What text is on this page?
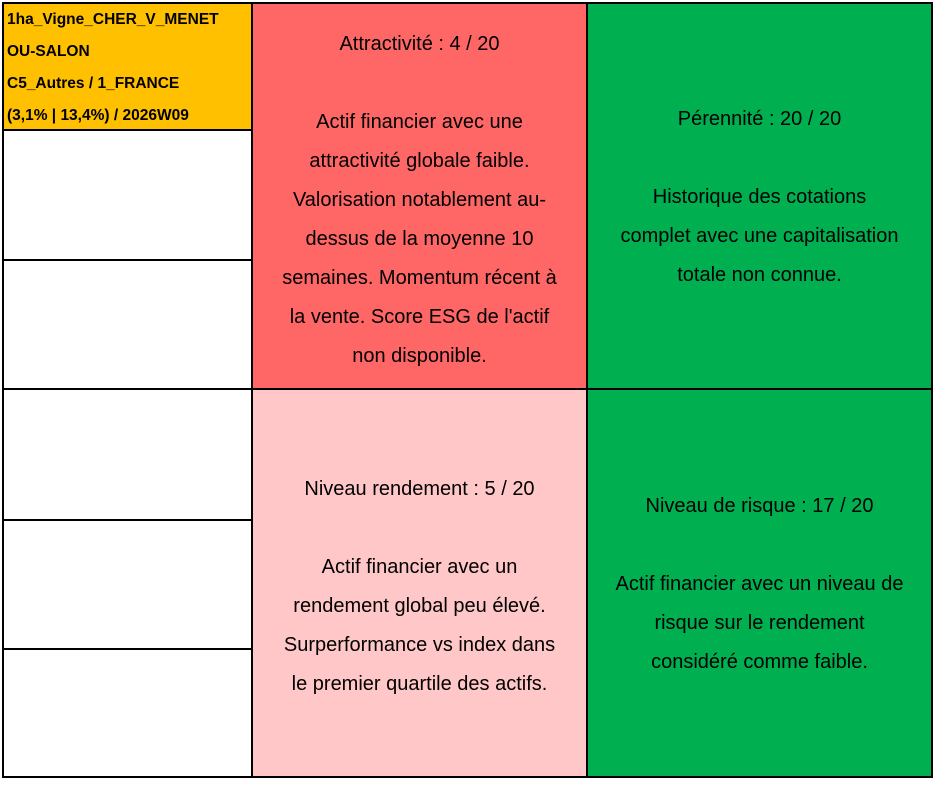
1ha_Vigne_CHER_V_MENET
OU-SALON
C5_Autres / 1_FRANCE
(3,1% | 13,4%) / 2026W09

Attractivité : 4 / 20

Actif financier avec une

attractivité globale faible.

Valorisation notablement au-

dessus de la moyenne 10

semaines. Momentum récent à

la vente. Score ESG de l'actif

non disponible.

Pérennité : 20 / 20

Historique des cotations

complet avec une capitalisation

totale non connue.

Niveau rendement : 5 / 20

Actif financier avec un

rendement global peu élevé.

Surperformance vs index dans

le premier quartile des actifs.

Niveau de risque : 17 / 20

Actif financier avec un niveau de

risque sur le rendement

considéré comme faible.
